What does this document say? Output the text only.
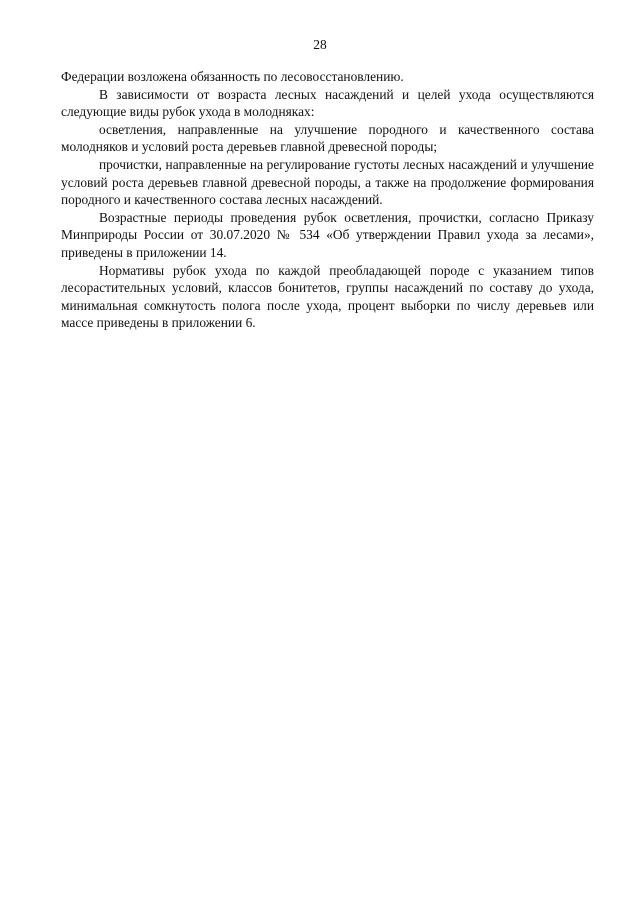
28

Федерации возложена обязанность по лесовосстановлению.

В зависимости от возраста лесных насаждений и целей ухода осуществляются следующие виды рубок ухода в молодняках:

осветления, направленные на улучшение породного и качественного состава молодняков и условий роста деревьев главной древесной породы;

прочистки, направленные на регулирование густоты лесных насаждений и улучшение условий роста деревьев главной древесной породы, а также на продолжение формирования породного и качественного состава лесных насаждений.

Возрастные периоды проведения рубок осветления, прочистки, согласно Приказу Минприроды России от 30.07.2020 № 534 «Об утверждении Правил ухода за лесами», приведены в приложении 14.

Нормативы рубок ухода по каждой преобладающей породе с указанием типов лесорастительных условий, классов бонитетов, группы насаждений по составу до ухода, минимальная сомкнутость полога после ухода, процент выборки по числу деревьев или массе приведены в приложении 6.
